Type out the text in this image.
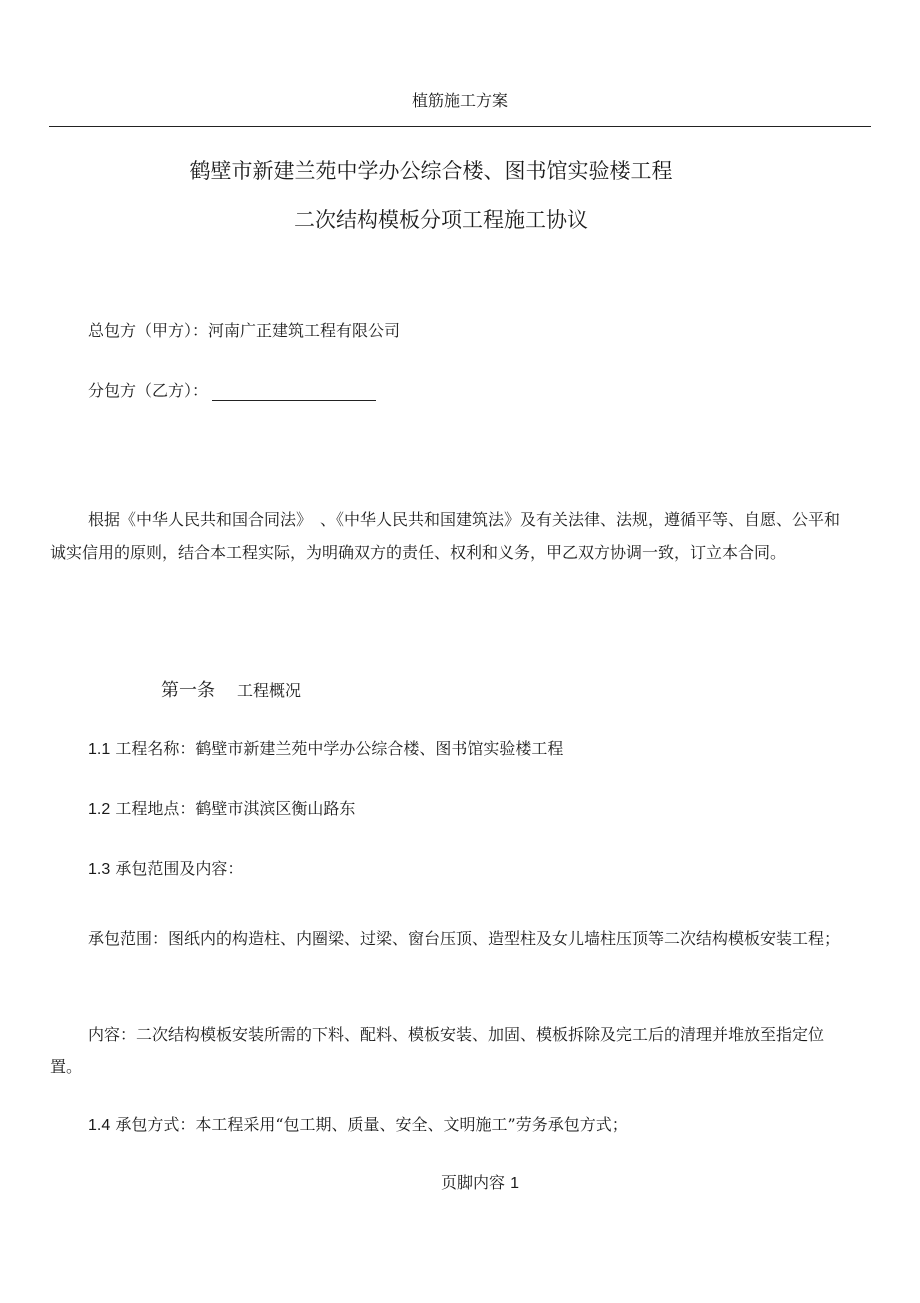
植筋施工方案
鹤壁市新建兰苑中学办公综合楼、图书馆实验楼工程
二次结构模板分项工程施工协议
总包方（甲方）：河南广正建筑工程有限公司
分包方（乙方）：
根据《中华人民共和国合同法》　、《中华人民共和国建筑法》及有关法律、法规，遵循平等、自愿、公平和诚实信用的原则，结合本工程实际，为明确双方的责任、权利和义务，甲乙双方协调一致，订立本合同。
第一条 工程概况
1.1 工程名称：鹤壁市新建兰苑中学办公综合楼、图书馆实验楼工程
1.2 工程地点：鹤壁市淇滨区衡山路东
1.3 承包范围及内容：
承包范围：图纸内的构造柱、内圈梁、过梁、窗台压顶、造型柱及女儿墙柱压顶等二次结构模板安装工程；
内容：二次结构模板安装所需的下料、配料、模板安装、加固、模板拆除及完工后的清理并堆放至指定位置。
1.4 承包方式：本工程采用“包工期、质量、安全、文明施工”劳务承包方式；
页脚内容 1
